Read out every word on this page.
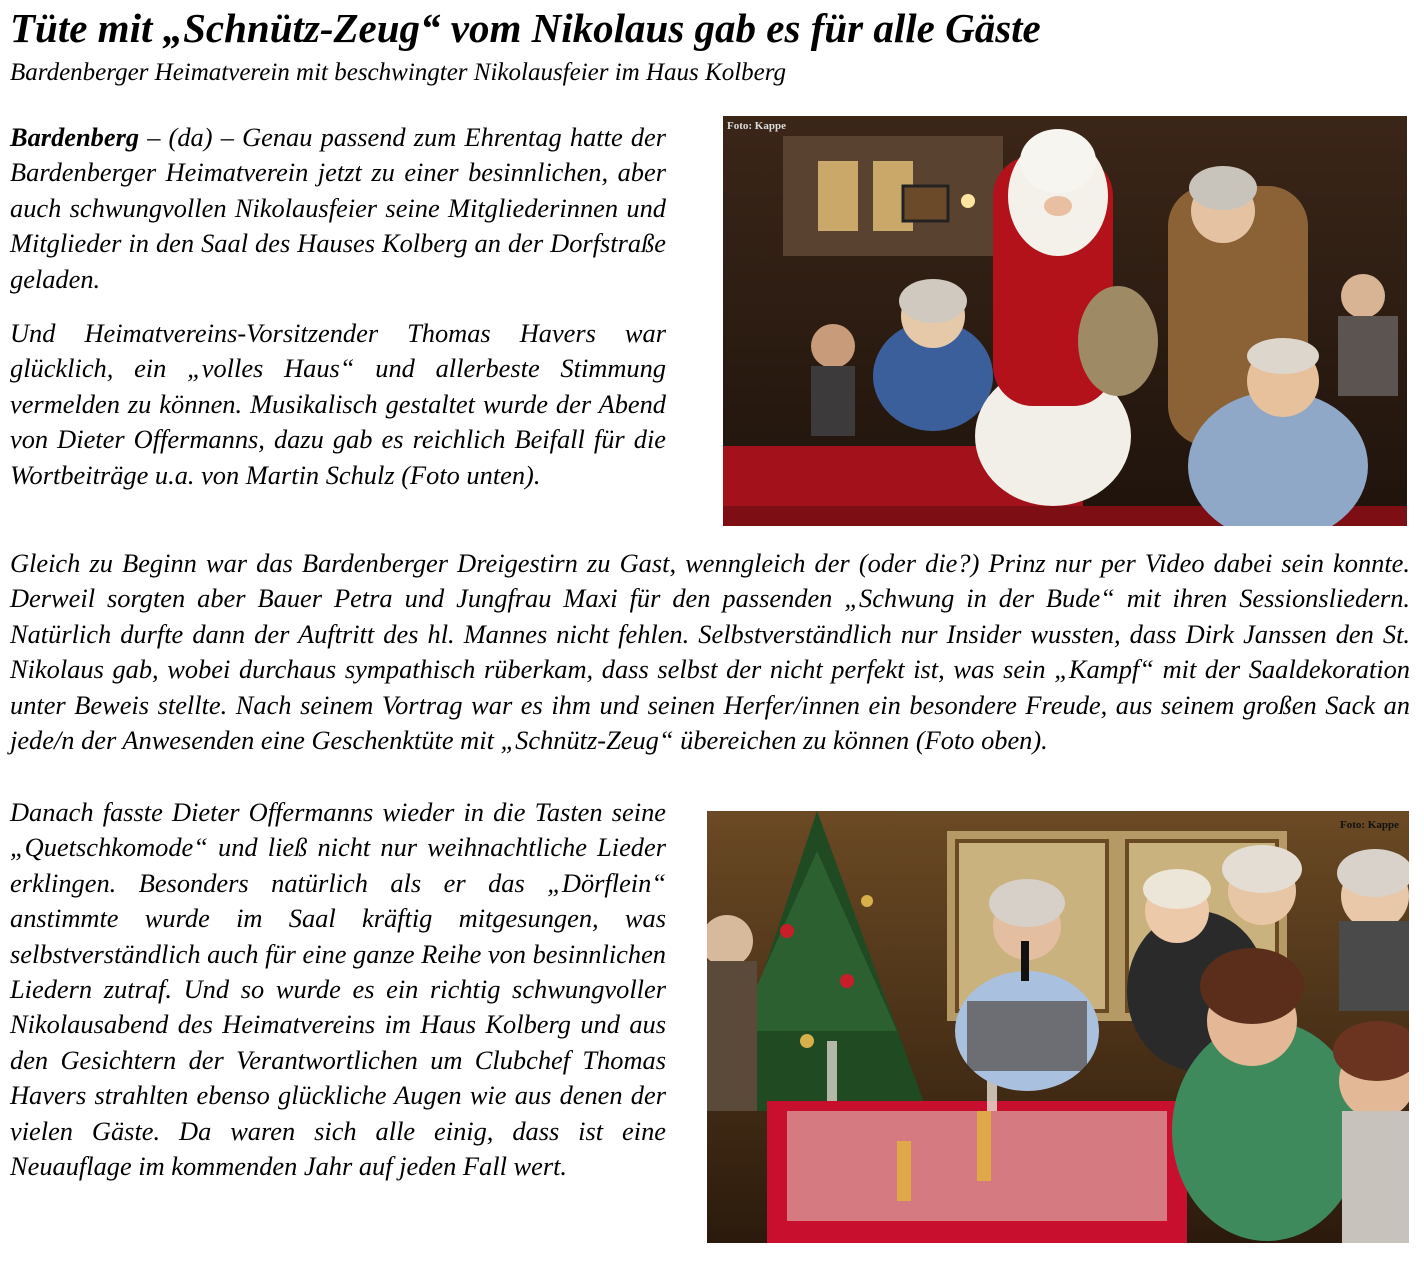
Tüte mit „Schnütz-Zeug“ vom Nikolaus gab es für alle Gäste
Bardenberger Heimatverein mit beschwingter Nikolausfeier im Haus Kolberg

Bardenberg – (da) – Genau passend zum Ehrentag hatte der Bardenberger Heimatverein jetzt zu einer besinnlichen, aber auch schwungvollen Nikolausfeier seine Mitgliederinnen und Mitglieder in den Saal des Hauses Kolberg an der Dorfstraße geladen.

Und Heimatvereins-Vorsitzender Thomas Havers war glücklich, ein „volles Haus“ und allerbeste Stimmung vermelden zu können. Musikalisch gestaltet wurde der Abend von Dieter Offermanns, dazu gab es reichlich Beifall für die Wortbeiträge u.a. von Martin Schulz (Foto unten).

Foto: Kappe

Gleich zu Beginn war das Bardenberger Dreigestirn zu Gast, wenngleich der (oder die?) Prinz nur per Video dabei sein konnte. Derweil sorgten aber Bauer Petra und Jungfrau Maxi für den passenden „Schwung in der Bude“ mit ihren Sessionsliedern. Natürlich durfte dann der Auftritt des hl. Mannes nicht fehlen. Selbstverständlich nur Insider wussten, dass Dirk Janssen den St. Nikolaus gab, wobei durchaus sympathisch rüberkam, dass selbst der nicht perfekt ist, was sein „Kampf“ mit der Saaldekoration unter Beweis stellte. Nach seinem Vortrag war es ihm und seinen Herfer/innen ein besondere Freude, aus seinem großen Sack an jede/n der Anwesenden eine Geschenktüte mit „Schnütz-Zeug“ übereichen zu können (Foto oben).

Danach fasste Dieter Offermanns wieder in die Tasten seine „Quetschkomode“ und ließ nicht nur weihnachtliche Lieder erklingen. Besonders natürlich als er das „Dörflein“ anstimmte wurde im Saal kräftig mitgesungen, was selbstverständlich auch für eine ganze Reihe von besinnlichen Liedern zutraf. Und so wurde es ein richtig schwungvoller Nikolausabend des Heimatvereins im Haus Kolberg und aus den Gesichtern der Verantwortlichen um Clubchef Thomas Havers strahlten ebenso glückliche Augen wie aus denen der vielen Gäste. Da waren sich alle einig, dass ist eine Neuauflage im kommenden Jahr auf jeden Fall wert.

Foto: Kappe
